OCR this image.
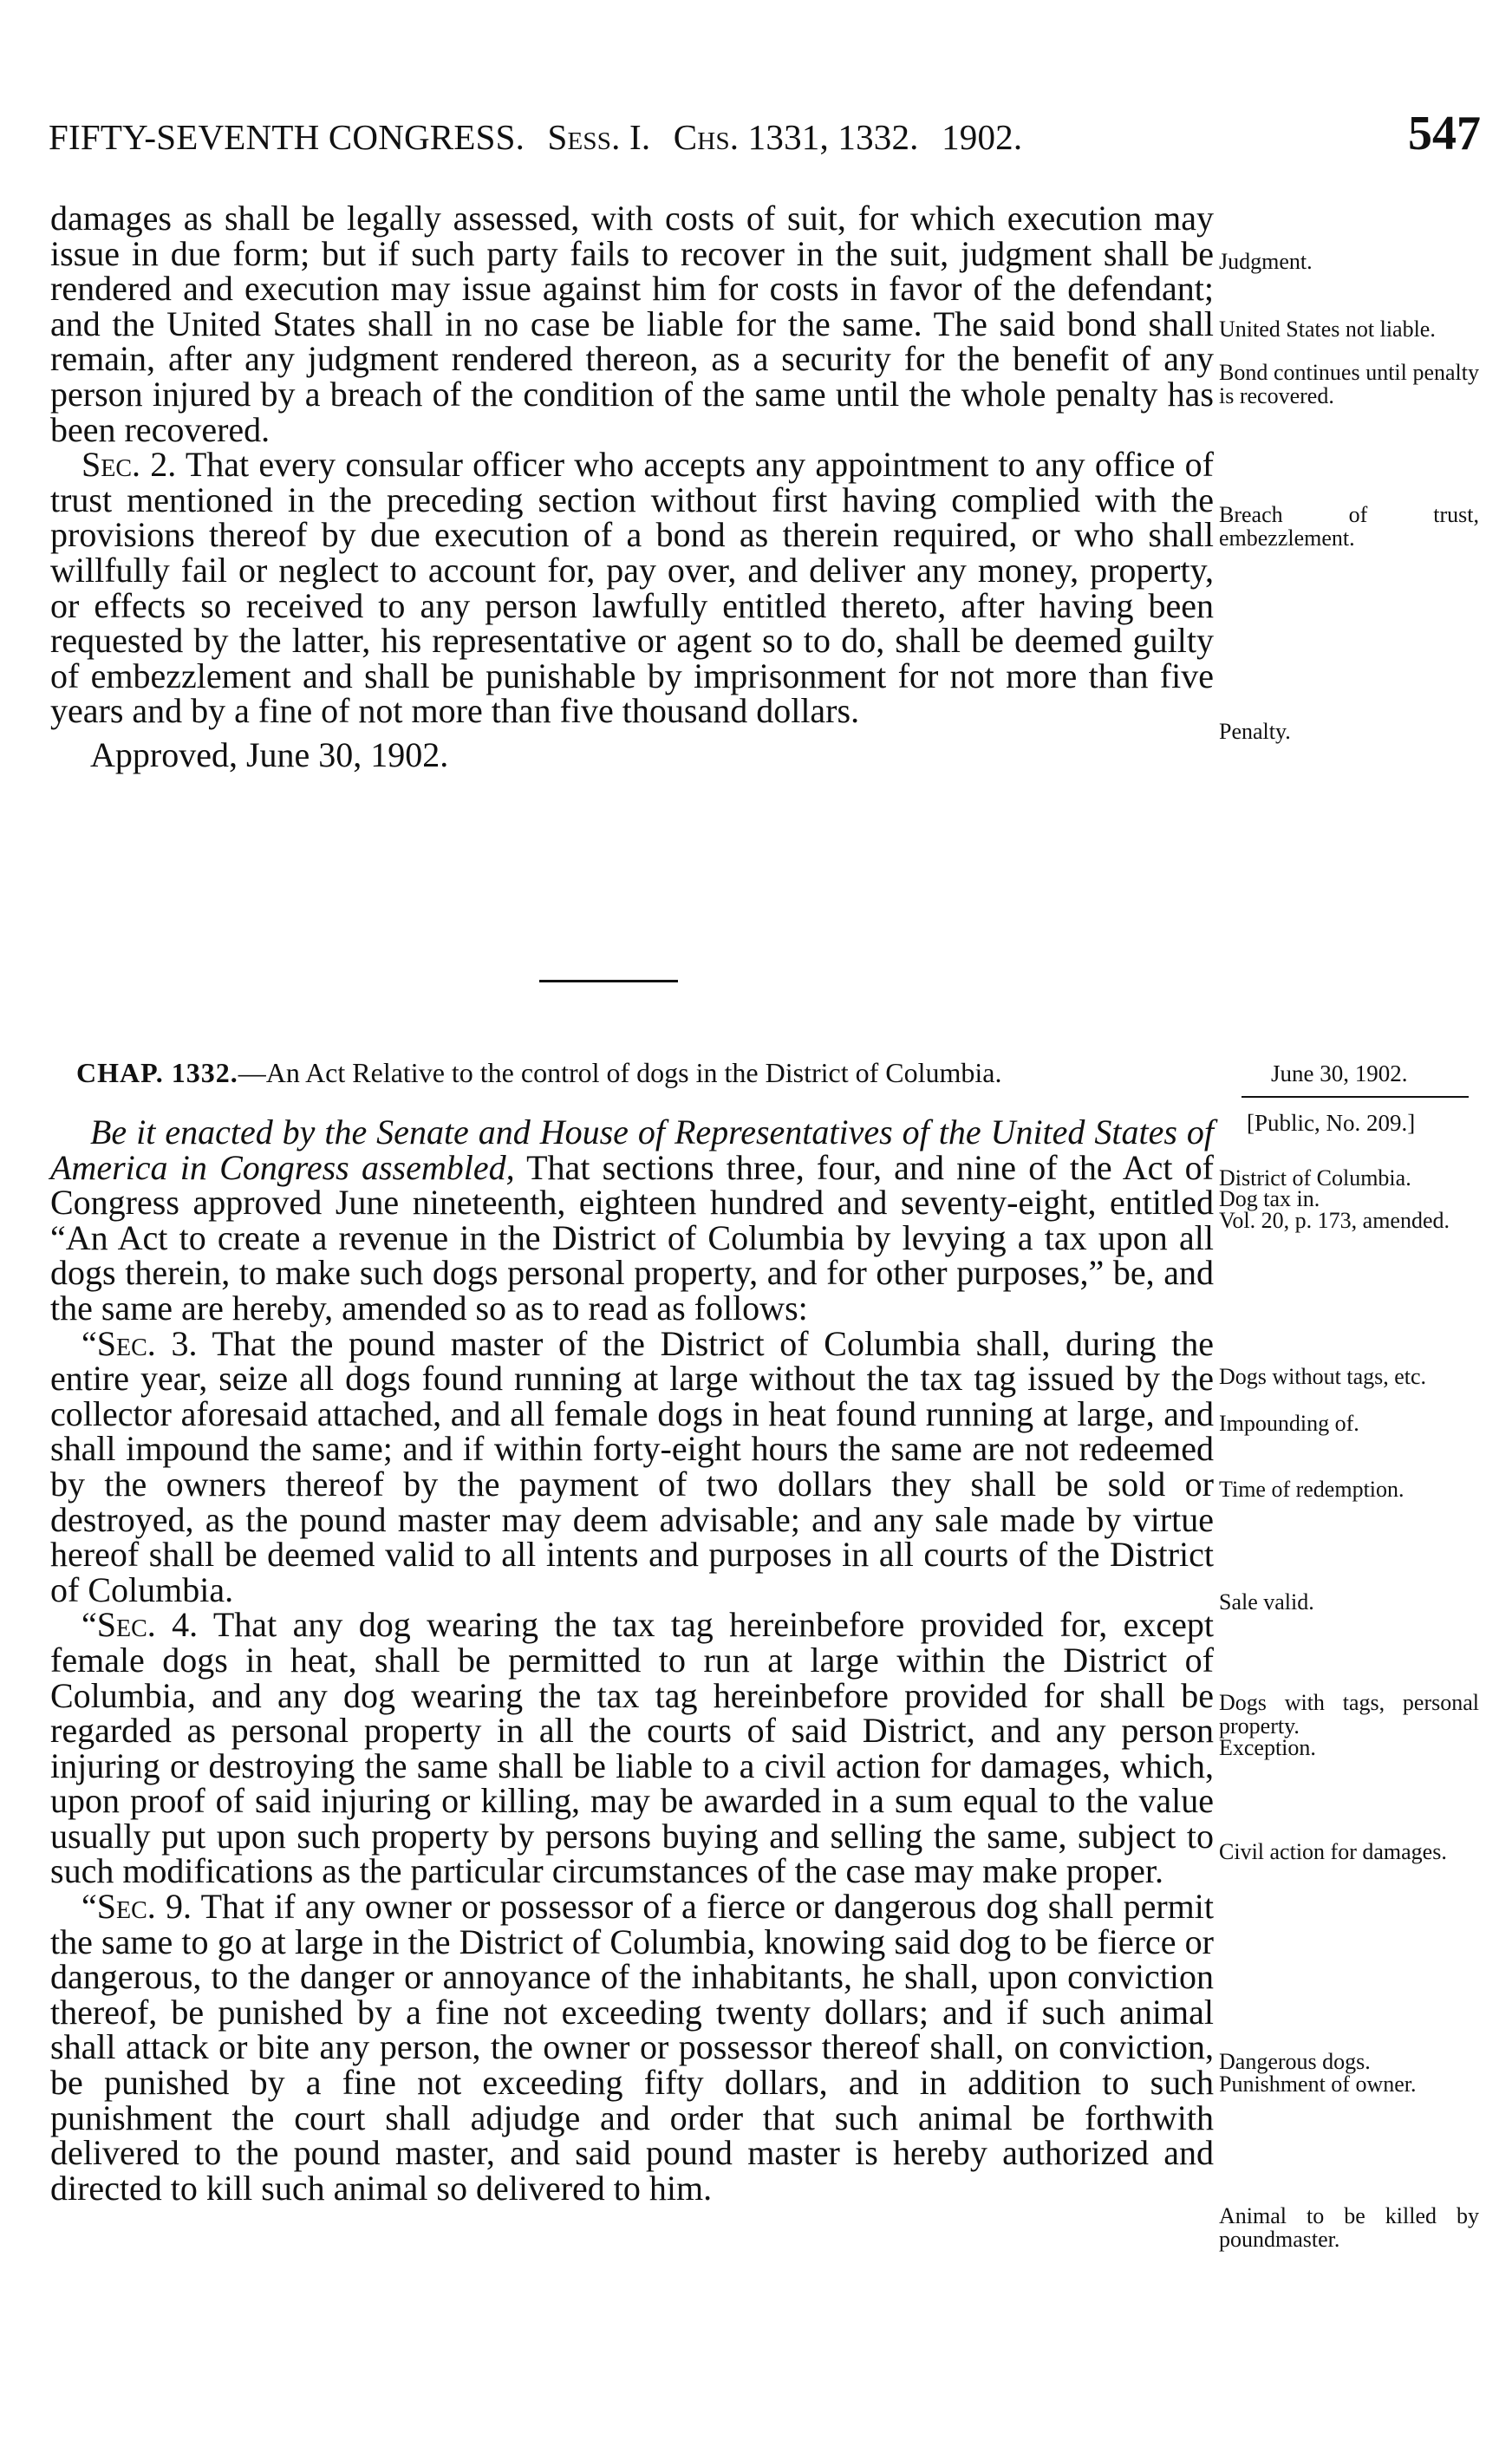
FIFTY-SEVENTH CONGRESS. Sess. I. Chs. 1331, 1332. 1902.	547

damages as shall be legally assessed, with costs of suit, for which execution may issue in due form; but if such party fails to recover in the suit, judgment shall be rendered and execution may issue against him for costs in favor of the defendant; and the United States shall in no case be liable for the same. The said bond shall remain, after any judgment rendered thereon, as a security for the benefit of any person injured by a breach of the condition of the same until the whole penalty has been recovered.

Sec. 2. That every consular officer who accepts any appointment to any office of trust mentioned in the preceding section without first having complied with the provisions thereof by due execution of a bond as therein required, or who shall willfully fail or neglect to account for, pay over, and deliver any money, property, or effects so received to any person lawfully entitled thereto, after having been requested by the latter, his representative or agent so to do, shall be deemed guilty of embezzlement and shall be punishable by imprisonment for not more than five years and by a fine of not more than five thousand dollars.

Approved, June 30, 1902.

CHAP. 1332.—An Act Relative to the control of dogs in the District of Columbia.	June 30, 1902.
[Public, No. 209.]

Be it enacted by the Senate and House of Representatives of the United States of America in Congress assembled, That sections three, four, and nine of the Act of Congress approved June nineteenth, eighteen hundred and seventy-eight, entitled “An Act to create a revenue in the District of Columbia by levying a tax upon all dogs therein, to make such dogs personal property, and for other purposes,” be, and the same are hereby, amended so as to read as follows:

“Sec. 3. That the pound master of the District of Columbia shall, during the entire year, seize all dogs found running at large without the tax tag issued by the collector aforesaid attached, and all female dogs in heat found running at large, and shall impound the same; and if within forty-eight hours the same are not redeemed by the owners thereof by the payment of two dollars they shall be sold or destroyed, as the pound master may deem advisable; and any sale made by virtue hereof shall be deemed valid to all intents and purposes in all courts of the District of Columbia.

“Sec. 4. That any dog wearing the tax tag hereinbefore provided for, except female dogs in heat, shall be permitted to run at large within the District of Columbia, and any dog wearing the tax tag hereinbefore provided for shall be regarded as personal property in all the courts of said District, and any person injuring or destroying the same shall be liable to a civil action for damages, which, upon proof of said injuring or killing, may be awarded in a sum equal to the value usually put upon such property by persons buying and selling the same, subject to such modifications as the particular circumstances of the case may make proper.

“Sec. 9. That if any owner or possessor of a fierce or dangerous dog shall permit the same to go at large in the District of Columbia, knowing said dog to be fierce or dangerous, to the danger or annoyance of the inhabitants, he shall, upon conviction thereof, be punished by a fine not exceeding twenty dollars; and if such animal shall attack or bite any person, the owner or possessor thereof shall, on conviction, be punished by a fine not exceeding fifty dollars, and in addition to such punishment the court shall adjudge and order that such animal be forthwith delivered to the pound master, and said pound master is hereby authorized and directed to kill such animal so delivered to him.

Judgment.
United States not liable.
Bond continues until penalty is recovered.
Breach of trust, embezzlement.
Penalty.
District of Columbia.
Dog tax in.
Vol. 20, p. 173, amended.
Dogs without tags, etc.
Impounding of.
Time of redemption.
Sale valid.
Dogs with tags, personal property.
Exception.
Civil action for damages.
Dangerous dogs.
Punishment of owner.
Animal to be killed by poundmaster.
